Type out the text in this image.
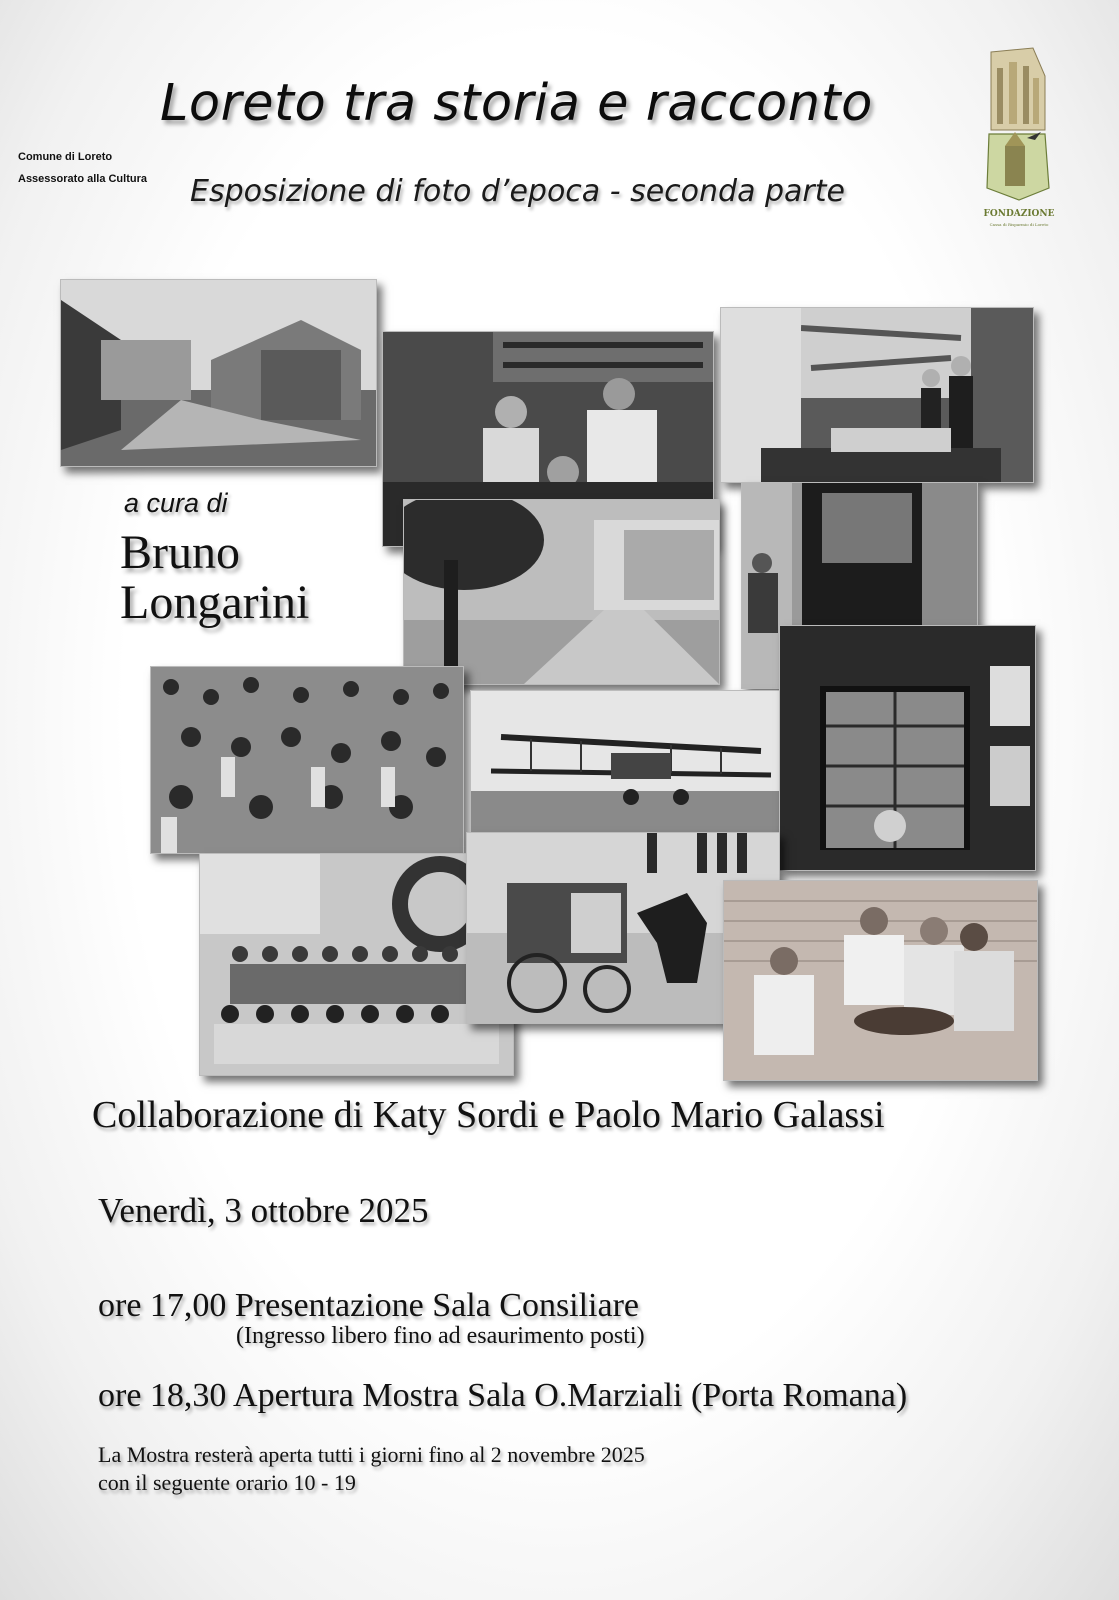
Loreto tra storia e racconto
Esposizione di foto d’epoca - seconda parte
Comune di Loreto
Assessorato alla Cultura
FONDAZIONE
Cassa di Risparmio di Loreto
a cura di
Bruno
Longarini
Collaborazione di Katy Sordi e Paolo Mario Galassi
Venerdì, 3 ottobre 2025
ore 17,00 Presentazione Sala Consiliare
(Ingresso libero fino ad esaurimento posti)
ore 18,30 Apertura Mostra Sala O.Marziali (Porta Romana)
La Mostra resterà aperta tutti i giorni fino al 2 novembre 2025
con il seguente orario 10 - 19
